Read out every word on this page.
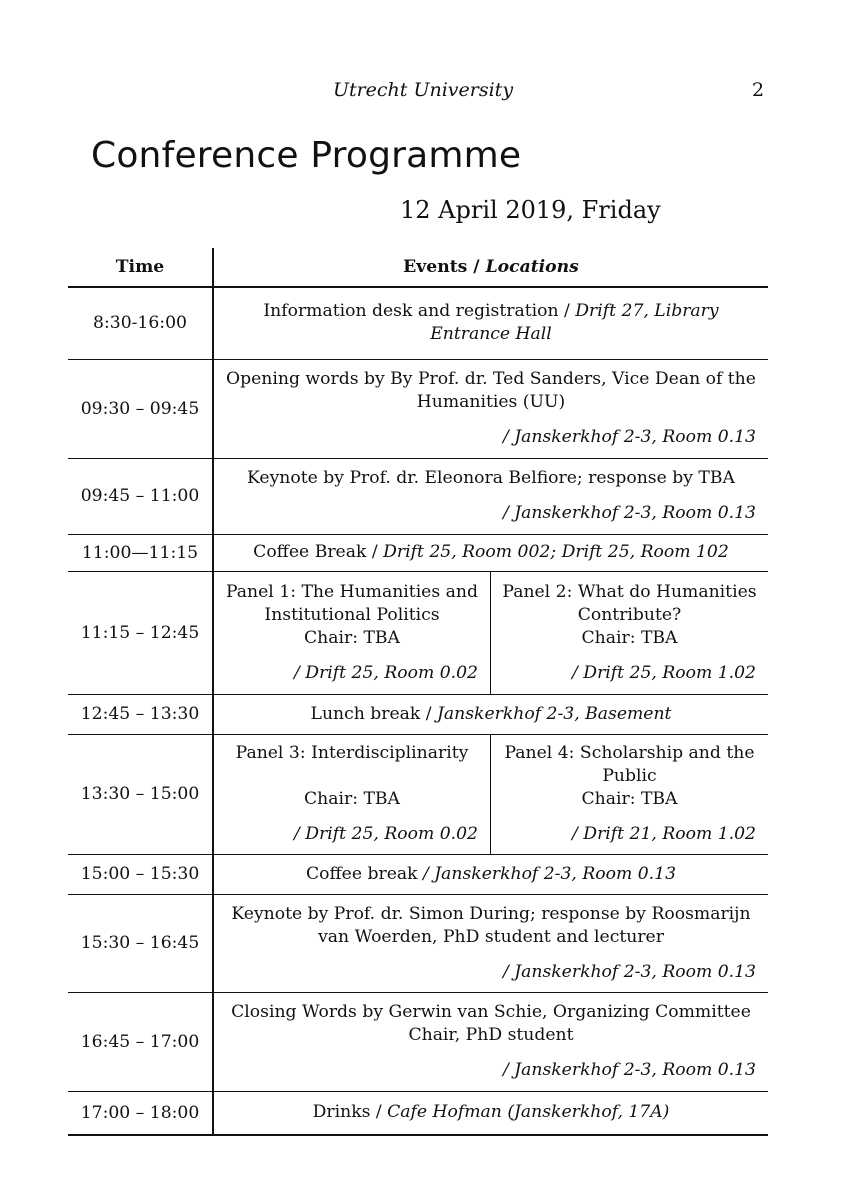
Utrecht University	2
Conference Programme
12 April 2019, Friday
Time	Events / Locations	
8:30-16:00	Information desk and registration / Drift 27, Library Entrance Hall	
09:30 – 09:45	Opening words by By Prof. dr. Ted Sanders, Vice Dean of the Humanities (UU)
/ Janskerkhof 2-3, Room 0.13	

09:45 – 11:00	Keynote by Prof. dr. Eleonora Belfiore; response by TBA
/ Janskerkhof 2-3, Room 0.13	

11:00—11:15	Coffee Break / Drift 25, Room 002; Drift 25, Room 102	
11:15 – 12:45	Panel 1: The Humanities and Institutional Politics
Chair: TBA
/ Drift 25, Room 0.02	Panel 2: What do Humanities Contribute?
Chair: TBA
/ Drift 25, Room 1.02

12:45 – 13:30	Lunch break / Janskerkhof 2-3, Basement	
13:30 – 15:00	Panel 3: Interdisciplinarity
Chair: TBA
/ Drift 25, Room 0.02	Panel 4: Scholarship and the Public
Chair: TBA
/ Drift 21, Room 1.02

15:00 – 15:30	Coffee break / Janskerkhof 2-3, Room 0.13	
15:30 – 16:45	Keynote by Prof. dr. Simon During; response by Roosmarijn van Woerden, PhD student and lecturer
/ Janskerkhof 2-3, Room 0.13	

16:45 – 17:00	Closing Words by Gerwin van Schie, Organizing Committee Chair, PhD student
/ Janskerkhof 2-3, Room 0.13	

17:00 – 18:00	Drinks / Cafe Hofman (Janskerkhof, 17A)	
